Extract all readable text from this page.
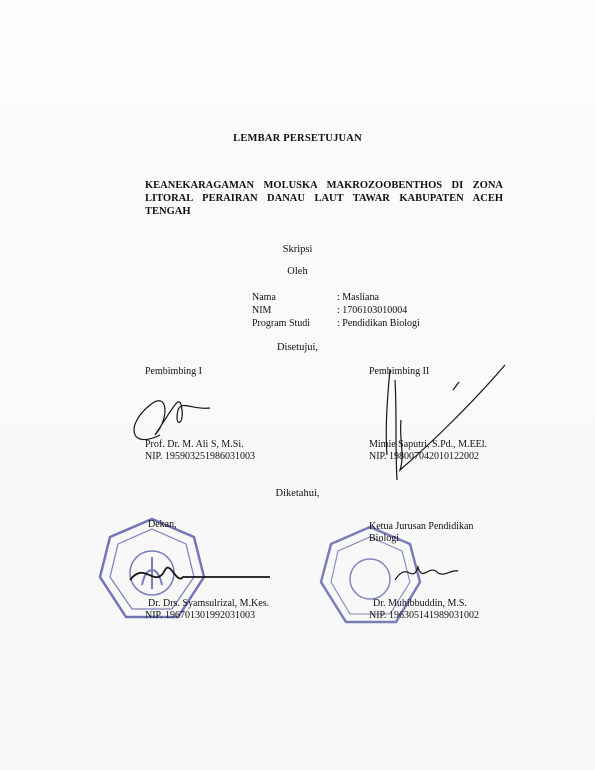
LEMBAR PERSETUJUAN
KEANEKARAGAMAN MOLUSKA MAKROZOOBENTHOS DI ZONA
LITORAL PERAIRAN DANAU LAUT TAWAR KABUPATEN ACEH
TENGAH
Skripsi
Oleh
Nama	: Masliana
NIM	: 1706103010004
Program Studi	: Pendidikan Biologi
Disetujui,
Pembimbing I	Pembimbing II
Prof. Dr. M. Ali S, M.Si.
NIP. 195903251986031003
Mimie Saputri, S.Pd., M.EEl.
NIP. 198007042010122002
Diketahui,
Dekan,
Dr. Drs. Syamsulrizal, M.Kes.
NIP. 196701301992031003
Ketua Jurusan Pendidikan
Biologi
Dr. Muhibbuddin, M.S.
NIP. 196305141989031002
